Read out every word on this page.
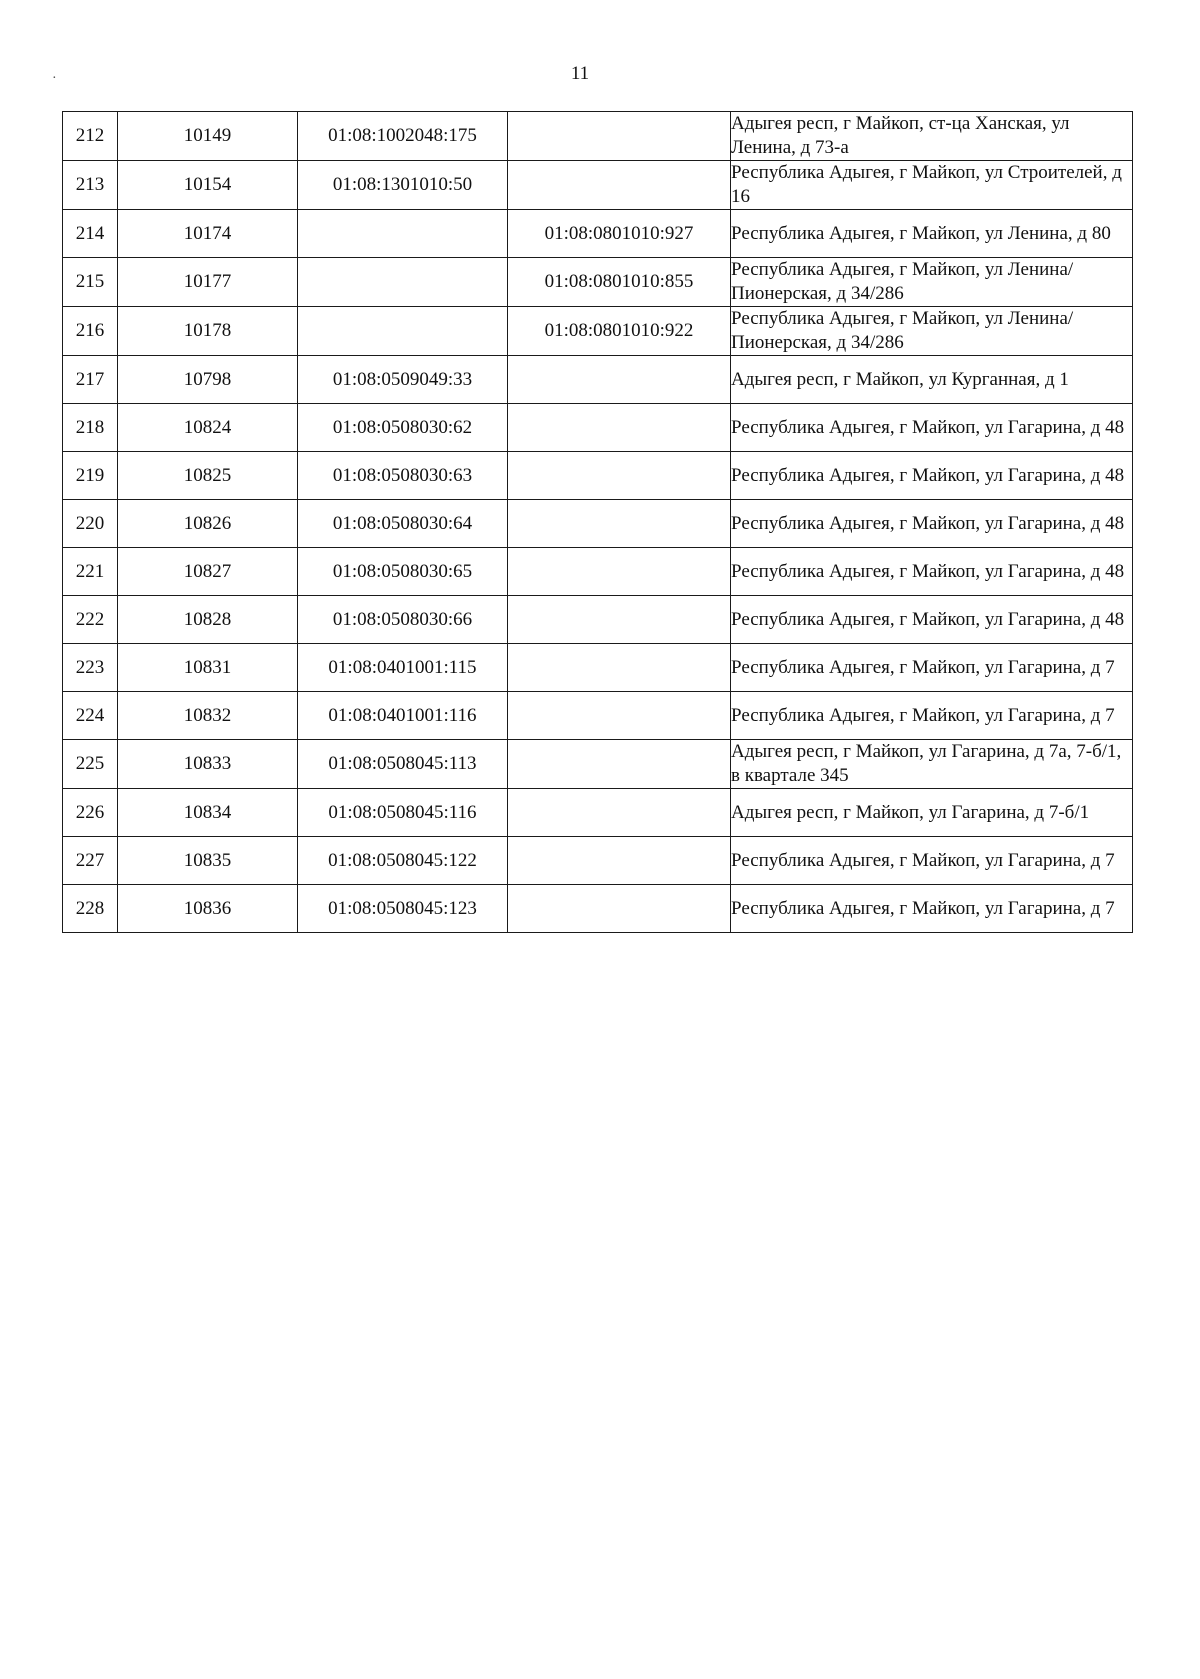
11
·
212	10149	01:08:1002048:175		Адыгея респ, г Майкоп, ст-ца Ханская, ул Ленина, д 73-а

213	10154	01:08:1301010:50		Республика Адыгея, г Майкоп, ул Строителей, д 16

214	10174		01:08:0801010:927	Республика Адыгея, г Майкоп, ул Ленина, д 80

215	10177		01:08:0801010:855	Республика Адыгея, г Майкоп, ул Ленина/Пионерская, д 34/286

216	10178		01:08:0801010:922	Республика Адыгея, г Майкоп, ул Ленина/Пионерская, д 34/286

217	10798	01:08:0509049:33		Адыгея респ, г Майкоп, ул Курганная, д 1

218	10824	01:08:0508030:62		Республика Адыгея, г Майкоп, ул Гагарина, д 48

219	10825	01:08:0508030:63		Республика Адыгея, г Майкоп, ул Гагарина, д 48

220	10826	01:08:0508030:64		Республика Адыгея, г Майкоп, ул Гагарина, д 48

221	10827	01:08:0508030:65		Республика Адыгея, г Майкоп, ул Гагарина, д 48

222	10828	01:08:0508030:66		Республика Адыгея, г Майкоп, ул Гагарина, д 48

223	10831	01:08:0401001:115		Республика Адыгея, г Майкоп, ул Гагарина, д 7

224	10832	01:08:0401001:116		Республика Адыгея, г Майкоп, ул Гагарина, д 7

225	10833	01:08:0508045:113		Адыгея респ, г Майкоп, ул Гагарина, д 7а, 7-б/1, в квартале 345

226	10834	01:08:0508045:116		Адыгея респ, г Майкоп, ул Гагарина, д 7-б/1

227	10835	01:08:0508045:122		Республика Адыгея, г Майкоп, ул Гагарина, д 7

228	10836	01:08:0508045:123		Республика Адыгея, г Майкоп, ул Гагарина, д 7
